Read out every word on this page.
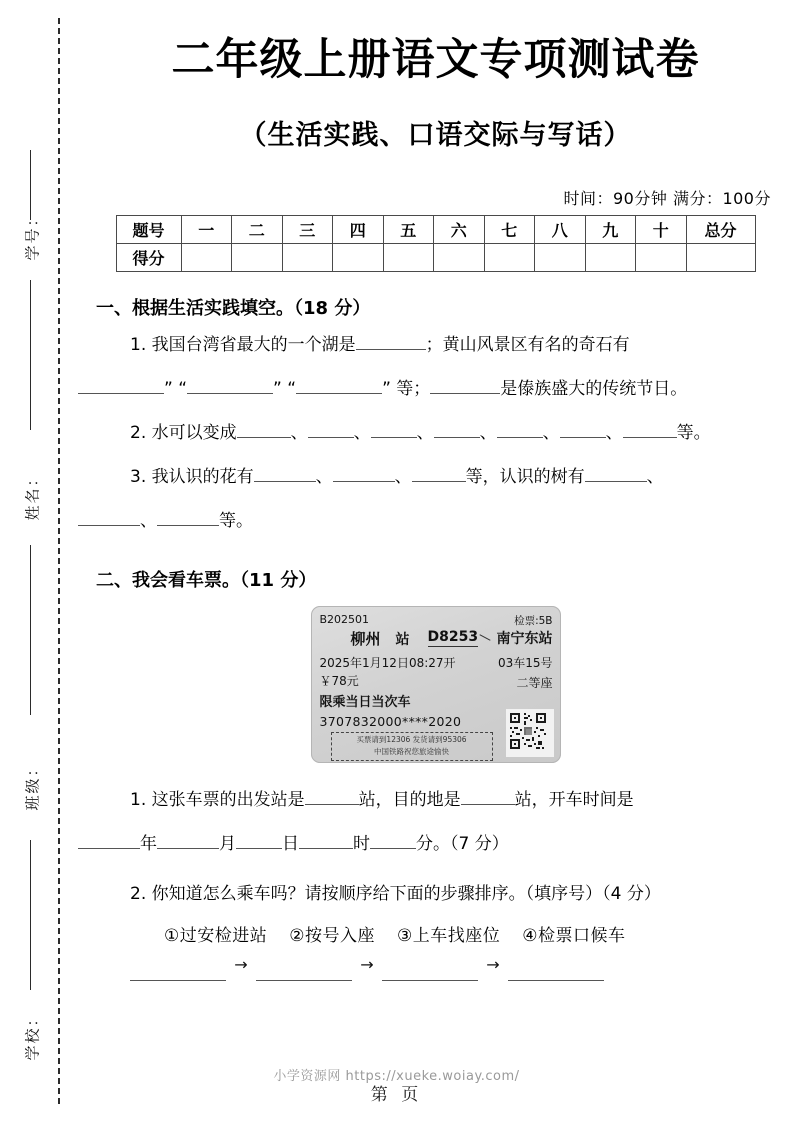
学号：
姓名：
班级：
学校：
二年级上册语文专项测试卷
（生活实践、口语交际与写话）
时间：90分钟 满分：100分
题号	一	二	三	四	五	六	七	八	九	十	总分
得分											
一、根据生活实践填空。（18 分）
1. 我国台湾省最大的一个湖是	；黄山风景区有名的奇石有
” “	” “	” 等；	是傣族盛大的传统节日。
2. 水可以变成	、	、	、	、	、	、	等。
3. 我认识的花有	、	、	等，认识的树有	、
、	等。
二、我会看车票。（11 分）
B202501	检票:5B
柳州 站 D8253 南宁东站
2025年1月12日08:27开	03车15号
￥78元	二等座
限乘当日当次车
3707832000****2020
买票请到12306 发货请到95306
中国铁路祝您旅途愉快
1. 这张车票的出发站是	站，目的地是	站，开车时间是
年	月	日	时	分。（7 分）
2. 你知道怎么乘车吗？请按顺序给下面的步骤排序。（填序号）（4 分）
①过安检进站 ②按号入座 ③上车找座位 ④检票口候车
→	→	→
小学资源网 https://xueke.woiay.com/
第 页
